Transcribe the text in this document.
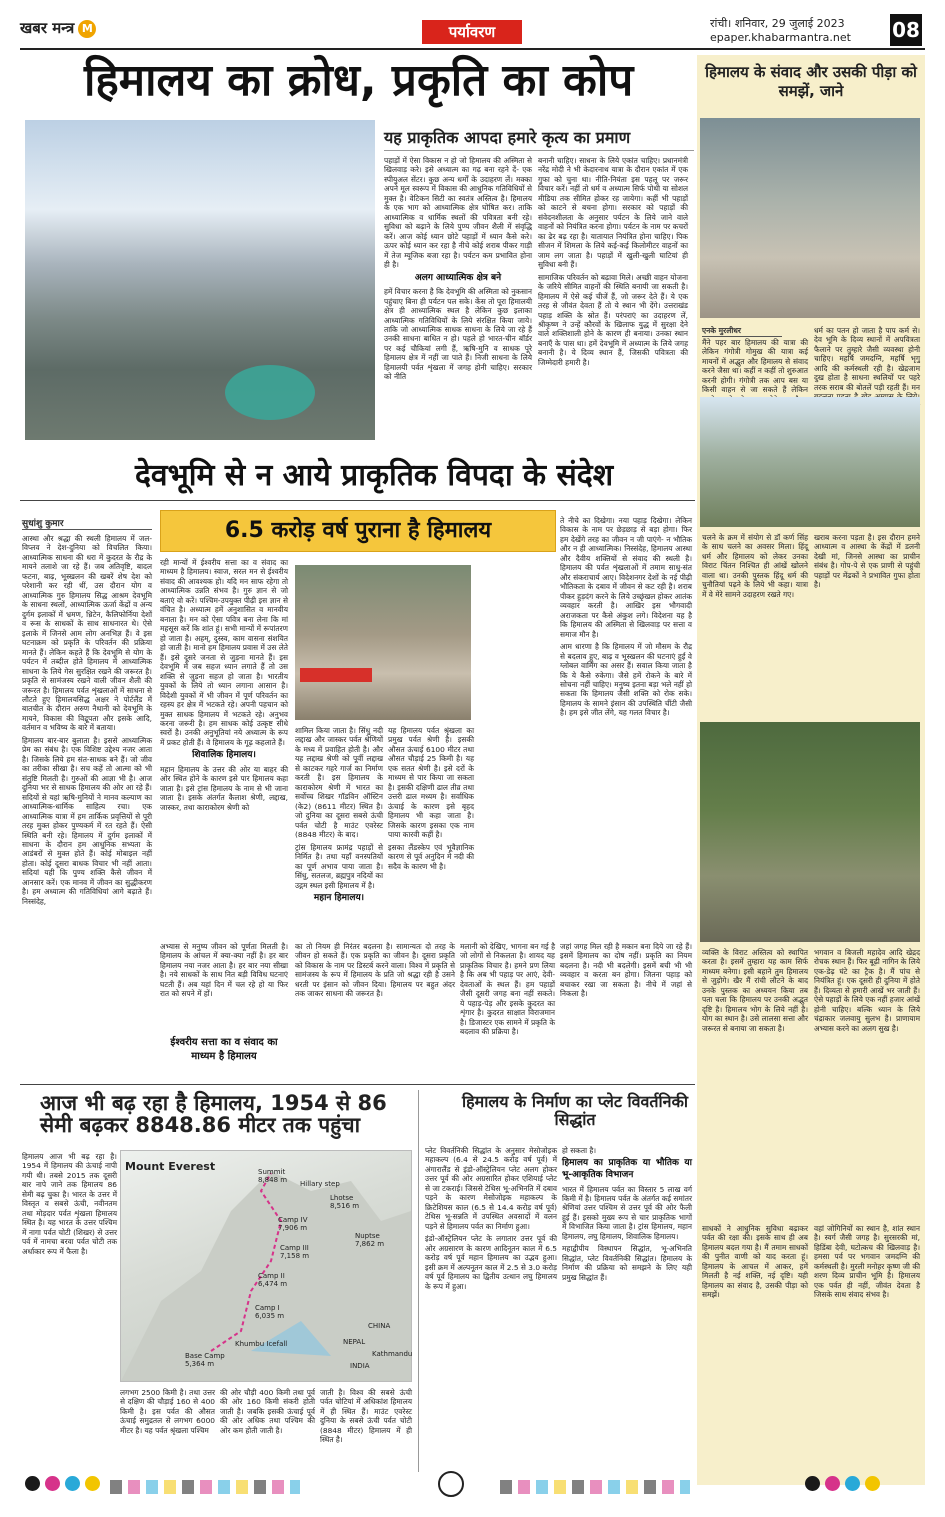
खबर मन्त्र M	पर्यावरण	रांची। शनिवार, 29 जुलाई 2023
epaper.khabarmantra.net 08
हिमालय का क्रोध, प्रकृति का कोप
यह प्राकृतिक आपदा हमारे कृत्य का प्रमाण

पहाड़ों में ऐसा विकास न हो जो हिमालय की अस्मिता से खिलवाड़ करे। इसे अध्यात्म का गढ़ बना रहने दें- एक स्पीयुअल सेंटर। कुछ अन्य धर्मों के उदाहरण लें। मक्का अपने मूल स्वरूप में विकास की आधुनिक गतिविधियों से मुक्त है। वेटिकन सिटी का स्वतंत्र अस्तित्व है। हिमालय के एक भाग को आध्यात्मिक क्षेत्र घोषित कर। ताकि आध्यात्मिक व धार्मिक स्थलों की पवित्रता बनी रहे। सुविधा को बढ़ाने के लिये पुण्य जीवन शैली में संवृद्धि करें। आज कोई ध्यान छोटे पहाड़ों में ध्यान कैसे करे। ऊपर कोई ध्यान कर रहा है नीचे कोई शराब पीकर गाड़ी में तेज म्यूजिक बजा रहा है। पर्यटन कम प्रभावित होना ही है।

अलग आध्यात्मिक क्षेत्र बने

हमें विचार करना है कि देवभूमि की अस्मिता को नुकसान पहुंचाए बिना ही पर्यटन पल सके। केंस तो पूरा हिमालयी क्षेत्र ही आध्यात्मिक स्थल है लेकिन कुछ इलाका आध्यात्मिक गतिविधियों के लिये संरक्षित किया जाये। ताकि जो आध्यात्मिक साधक साधना के लिये जा रहे हैं उनकी साधना बाधित न हो। पहले हो भारत-चीन बॉर्डर पर कई चौकियां लगी हैं, ऋषि-मुनि व साधक पूरे हिमालय क्षेत्र में नहीं जा पाते हैं। निजी साधना के लिये हिमालयी पर्वत शृंखला में जगह होनी चाहिए। सरकार को नीति

बनानी चाहिए। साधना के लिये एकांत चाहिए। प्रधानमंत्री नरेंद्र मोदी ने भी केदारनाथ यात्रा के दौरान एकांत में एक गुफा को चुना था। नीति-नियंता इस पहलू पर जरूर विचार करें। नहीं तो धर्म व अध्यात्म सिर्फ पोथी या सोशल मीडिया तक सीमित होकर रह जायेगा। कहीं भी पहाड़ों को काटने से बचना होगा। सरकार को पहाड़ों की संवेदनशीलता के अनुसार पर्यटन के लिये जाने वाले वाहनों को नियंत्रित करना होगा। पर्यटन के नाम पर कचरों का ढेर बढ़ रहा है। यातायात नियंत्रित होना चाहिए। पिक सीजन में शिमला के लिये कई-कई किलोमीटर वाहनों का जाम लग जाता है। पहाड़ों में खुली-खुली घाटियां ही सुविधा बनी हैं।

सामाजिक परिवर्तन को बढ़ावा मिले। अच्छी वाहन योजना के जरिये सीमित वाहनों की स्थिति बनायी जा सकती है। हिमालय में ऐसे कई चीजें हैं, जो जरूर देते हैं। ये एक तरह से जीवंत देवता हैं तो ये स्थान भी देंगे। उत्तराखंड पहाड़ शक्ति के स्रोत हैं। परंपराएं का उदाहरण लें, श्रीकृष्ण ने उन्हें कौरवों के खिलाफ युद्ध में सुरक्षा देने वाले शक्तिशाली होने के कारण ही बनाया। उनका स्थान बनाएँ के पास था। हमें देवभूमि में अध्यात्म के लिये जगह बनानी है। ये दिव्य स्थान हैं, जिसकी पवित्रता की जिम्मेदारी हमारी है।

देवभूमि से न आये प्राकृतिक विपदा के संदेश
सुधांशु कुमार	6.5 करोड़ वर्ष पुराना है हिमालय

आस्था और श्रद्धा की स्थली हिमालय में जल-विप्लव ने देश-दुनिया को विचलित किया। आध्यात्मिक साधना की धरा में कुदरत के रौद्र के मायने तलाशे जा रहे हैं। जब अतिवृष्टि, बादल फटना, बाढ़, भूस्खलन की खबरें शेष देश को परेशानी कर रही थीं, उस दौरान योग व आध्यात्मिक गुरु हिमालय सिद्ध आश्रम देवभूमि के साधना स्थलों, आध्यात्मिक ऊर्जा केंद्रों व अन्य दुर्गम इलाकों में भ्रमण, ध्रिटेन, कैलिफोर्निया देशों व रूस के साधकों के साथ साधनारत थे। ऐसे इलाके में जिनसे आम लोग अनभिज्ञ हैं। वे इस घटनाक्रम को प्रकृति के परिवर्तन की प्रक्रिया मानते हैं। लेकिन कहते हैं कि देवभूमि से योग के पर्यटन में तब्दील होते हिमालय में आध्यात्मिक साधना के लिये गेस सुरक्षित रखने की जरूरत है। प्रकृति से सामंजस्य रखने वाली जीवन शैली की जरूरत है। हिमालय पर्वत शृंखलाओं में साधना से लौटते हुए हिमालयसिद्ध अक्षर ने पोर्टलैंड में बातचीत के दौरान अरुण नैथानी को देवभूमि के मायने, विकास की विद्रूपता और इसके आदि, वर्तमान व भविष्य के बारे में बताया।

हिमालय बार-बार बुलाता है। इससे आध्यात्मिक प्रेम का संबंध है। एक विशिष्ट उद्देश्य नजर आता है। जिसके लिये हम संत-साधक बने हैं। जो जीव का तरीका सीखा है। सच कहें तो आत्मा को भी संतुष्टि मिलती है। गुरुओं की आज्ञा भी है। आज दुनिया भर से साधक हिमालय की ओर आ रहे हैं। सदियों से यहां ऋषि-मुनियों ने मानव कल्याण का आध्यात्मिक-धार्मिक साहित्य रचा। एक आध्यात्मिक यात्रा में हम तार्किक प्रवृत्तियों से पूरी तरह मुक्त होकर पुण्यकर्म में रत रहते हैं। ऐसी स्थिति बनी रहे। हिमालय में दुर्गम इलाकों में साधना के दौरान हम आधुनिक सभ्यता के आडंबरों से मुक्त होते हैं। कोई मोबाइल नहीं होता। कोई दूसरा बाधक विचार भी नहीं आता। सदियां यही कि पुण्य शक्ति कैसे जीवन में आनसार करें। एक मानव में जीवन का सुद्धीकरण है। हम अध्यात्म की गतिविधियां आगे बढ़ाते हैं। निस्संदेह,

रही मान्यों में ईश्वरीय सत्ता का व संवाद का माध्यम है हिमालय। स्वाज, सरल मन से ईश्वरीय संवाद की आवश्यक हो। यदि मन साफ रहेगा तो आध्यात्मिक उन्नति संभव है। गुरु ज्ञान से जो बताएं वो करें। पश्चिम-उपयुक्त पीढ़ी इस ज्ञान से वंचित है। अध्यात्म हमें अनुशासित व मानवीय बनाता है। मन को ऐसा पवित्र बना लेना कि मां महसूस करें कि शांत हूं। सभी मान्यों में रूपांतरण हो जाता है। अहम्, दुस्स्व, काम वासना संशयित हो जाती है। मानो हम हिमालय प्रवास में उस लेते हैं। इसे दूसरे जनता से जुड़ना मानते हैं। इस देवभूमि में जब सहज ध्यान लगाते हैं तो उस शक्ति से जुड़ना सहज हो जाता है। भारतीय युवकों के लिये तो ध्यान लगाना आसान है। विदेशी युवकों में भी जीवन में पूर्ण परिवर्तन का रहस्य हर क्षेत्र में भटकते रहे। अपनी पहचान को मुक्त साधक हिमालय में भटकते रहे। अनुभव करना जरूरी है। हम साधक कोई उत्कृष्ट सीधे स्वरों है। उनकी अनुभूतियां नये अध्यात्म के रूप में प्रकट होती हैं। वे हिमालय के गूढ़ कहलाते हैं।

शिवालिक हिमालय।

महान हिमालय के उत्तर की ओर या बाहर की ओर स्थित होने के कारण इसे पार हिमालय कहा जाता है। इसे ट्रांस हिमालय के नाम से भी जाना जाता है। इसके अंतर्गत कैलाश श्रेणी, लद्दाख, जास्कर, तथा काराकोरम श्रेणी को

शामिल किया जाता है। सिंधु नदी लद्दाख और जास्कर पर्वत श्रेणियों के मध्य में प्रवाहित होती है। और यह लद्दाख श्रेणी को पूर्वी लद्दाख से काटकर गहरे गार्ज का निर्माण करती है। इस हिमालय के काराकोरम श्रेणी में भारत का सर्वोच्च शिखर गॉडविन ऑस्टिन (के2) (8611 मीटर) स्थित है। जो दुनिया का दूसरा सबसे ऊंची पर्वत चोटी है माउंट एवरेस्ट (8848 मीटर) के बाद।

ट्रांस हिमालय फ्रामंद्र पहाड़ों से निर्मित है। तथा यहाँ वनस्पतियों का पूर्ण अभाव पाया जाता है। सिंधु, सतलज, ब्रह्मपुत्र नदियों का उद्गम स्थल इसी हिमालय में है।

महान हिमालय।

यह हिमालय पर्वत श्रृंखला का प्रमुख पर्वत श्रेणी है। इसकी औसत ऊंचाई 6100 मीटर तथा औसत चौड़ाई 25 किमी है। यह एक सतत श्रेणी है। इसे दरों के माध्यम से पार किया जा सकता है। इसकी दक्षिणी ढाल तीव्र तथा उत्तरी ढाल मध्यम है। सर्वाधिक ऊंचाई के कारण इसे बृहद हिमालय भी कहा जाता है। जिसके कारण इसका एक नाम पाया कारवी कहीं है।

इसका लैंडस्केप एवं भूवैज्ञानिक कारण से पूर्व अनुदिन मे नदी की सदैव के कारण भी है।

ते नीचे का दिखेगा। नया पहाड़ दिखेगा। लेकिन विकास के नाम पर छेड़छाड़ से बड़ा होगा। फिर हम देखेंगे तरह का जीवन न जी पाएंगे- न भौतिक और न ही आध्यात्मिक। निस्संदेह, हिमालय आस्था और दैवीय शक्तियों से संवाद की स्थली है। हिमालय की पर्वत शृंखलाओं में तमाम साधु-संत और संकराचार्य आए। विदेशनगर देशों के नई पीढ़ी भौतिकता के दबाव में जीवन से कट रही है। शराब पीकर हुड़दंग करने के लिये उच्छृंखल होकर आतंक व्यवहार करती है। आखिर इस भौगवादी अराजकता पर कैसे अंकुश लगे। विदेशना यह है कि हिमालय की अस्मिता से खिलवाड़ पर सत्ता व समाज मौन है।

आम धारणा है कि हिमालय में जो मौसम के रौद्र से बदलाव हुए, बाढ़ व भूस्खलन की घटनाएं हुईं वे ग्लोबल वार्मिंग का असर हैं। सवाल किया जाता है कि ये कैसे रुकेगा। जैसे हमें रोकने के बारे में सोचना नहीं चाहिए। मनुष्य इतना बड़ा भले नहीं हो सकता कि हिमालय जैसी शक्ति को रोक सके। हिमालय के सामने इंसान की उपस्थिति चींटी जैसी है। हम इसे जीत लेंगे, यह गलत विचार है।

अभ्यास से मनुष्य जीवन को पूर्णता मिलती है। हिमालय के आंचल में क्या-क्या नहीं है। हर बार हिमालय नया नजर आता है। हर बार नया सीखा है। नये साधकों के साथ नित बड़ी विविध घटनाएं घटती हैं। अब यहां दिन में चल रहे हो या फिर रात को सपने में हों।

ईश्वरीय सत्ता का व संवाद का माध्यम है हिमालय

का तो नियम ही निरंतर बदलना है। सामान्यतः दो तरह के जीवन हो सकते हैं। एक प्रकृति का जीवन है। दूसरा प्रकृति को विकास के नाम पर डिस्टर्ब करने वाला। विश्व में प्रकृति से सामंजस्य के रूप में हिमालय के प्रति जो श्रद्धा रही है उसने धरती पर इंसान को जीवन दिया। हिमालय पर बहुत अंदर तक जाकर साधना की जरूरत है।

मलानी को देखिए, भागना बन गई है जो लोगों से निकलता है। शायद यह प्राकृतिक विचार है। हमने प्रण लिया है कि अब भी पहाड़ पर आएं, देवी-देवताओं के स्थल हैं। हम पहाड़ों जैसी दूसरी जगह बना नहीं सकते। ये पहाड़-पेड़ और इसके कुदरत का शृंगार है। कुदरत साक्षात विराजमान है। डिजास्टर एक सामने में प्रकृति के बदलाव की प्रक्रिया है।

जहां जगह मिल रही है मकान बना दिये जा रहे हैं। इसमें हिमालय का दोष नहीं। प्रकृति का नियम बदलना है। नदी भी बदलेगी। इसमें बची भी भी व्यवहार व करता बन होगा। जितना पहाड़ को बचाकर रखा जा सकता है। नीचे में जहां से निकला है।

हिमालय के संवाद और उसकी पीड़ा को समझें, जाने
एनके मुरलीधर

मैंने पहर बार हिमालय की यात्रा की लेकिन गंगोत्री गोमुख की यात्रा कई मायनों में अद्भुत और हिमालय से संवाद करने जैसा था। कहीं न कहीं तो शुरुआत करनी होगी। गंगोत्री तक आप बस या किसी वाहन से जा सकते हैं लेकिन

धर्म का पतन हो जाता है पाप कर्म से। देव भूमि के दिव्य स्थानों में अपवित्रता फैलाने पर तुम्हारे जैसी व्यवस्था होनी चाहिए। महर्षि जमदग्नि, महर्षि भृगु आदि की कर्मस्थली रही है। खेद्रजाम दुख होता है साधना स्थलियों पर पहरे तरक सराब की बोतलें पड़ी रहती हैं। मन

चलने के क्रम में संयोग से डॉ कर्ण सिंह के साथ चलने का अवसर मिला। हिंदू धर्म और हिमालय को लेकर उनका विराट चिंतन निश्चित ही आंखें खोलने वाला था। उनकी पुस्तक हिंदू धर्म की चुनौतियां पढ़ने के लिये भी कहा। यात्रा में वे मेरे सामने उदाहरण रखते गए।

खराब करना पड़ता है। इस दौरान हमने आध्यात्म व आस्था के केंद्रों में डलनी देखी मां, जिनसे आस्था का प्राचीन संबंध है। गोप-पे से एक प्राणी से पहुंची पहाड़ों पर मेंढकों ने प्रभावित गुफा होता है।

व्यक्ति के विराट अस्तित्व को स्थापित करता है। इसमें तुम्हारा यह काम सिर्फ माध्यम बनेगा। इसी बहाने तुम हिमालय से जुड़ोगे। खैर मैं रांची लौटने के बाद उनके पुस्तक का अध्ययन किया तब पता चला कि हिमालय पर उनकी अद्भुत दृष्टि है। हिमालय भोग के लिये नहीं है। योग का स्थान है। उसे लालसा सत्ता और जरूरत से बनाया जा सकता है।

भगवान व बिजली महादेव आदि खेद्रद रोचक स्थान हैं। फिर बूढ़ी नागिन के लिये एक-डेढ़ घंटे का ट्रैक है। मैं पांच से नियंत्रित हूं। एक दूसरी ही दुनिया में होते हैं। दिव्यता से हमारी आखें भर जाती हैं। ऐसे पहाड़ों के लिये एक नहीं हजार आंखें होनी चाहिए। बल्कि ध्यान के लिये चंद्राकार जलवायु सुलभ है। प्राणायाम अभ्यास करने का अलग सुख है।

साधकों ने आधुनिक सुविधा बढ़ाकर पर्वत की रक्षा की। इसके साथ ही अब हिमालय बदल गया है। मैं तमाम साधकों की पुनीत वाणी को याद करता हूं। हिमालय के आचल में आकर, हमें मिलती है नई शक्ति, नई दृष्टि। यही हिमालय का संवाद है, उसकी पीड़ा को समझें।

वहां जोगिनियों का स्थान है, शांत स्थान है। स्वर्ग जैसी जगह है। सुरसरकी मां, हिडिंबा देवी, घटोत्कच की खिलवाड़ है। हमसा पर्व पर भगवान जमदग्नि की कर्मस्थली है। मुरली मनोहर कृष्ण जी की शरण दिव्य प्राचीन भूमि है। हिमालय एक पर्वत ही नहीं, जीवंत देवता है जिसके साथ संवाद संभव है।

आज भी बढ़ रहा है हिमालय, 1954 से 86
सेमी बढ़कर 8848.86 मीटर तक पहुंचा

हिमालय आज भी बढ़ रहा है। 1954 में हिमालय की ऊंचाई नापी गयी थी। तबसे 2015 तक दूसरी बार नापे जाने तक हिमालय 86 सेमी बढ़ चुका है। भारत के उत्तर में विस्तृत व सबसे ऊंची, नवीनतम तथा मोड़दार पर्वत शृंखला हिमालय स्थित है। यह भारत के उत्तर पश्चिम में नागा पर्वत चोटी (शिखर) से उत्तर पर्व में नामचा बरवा पर्वत चोटी तक अर्धाकार रूप में फैला है।

Mount Everest	Summit
8,848 m Hillary step
Lhotse
8,516 m
Nuptse
7,862 m
Camp IV
7,906 m
Camp III
7,158 m
Camp II
6,474 m
Camp I
6,035 m
Base Camp
5,364 m
Khumbu Icefall
CHINA
NEPAL
INDIA
Kathmandu

लगभग 2500 किमी है। तथा उत्तर से दक्षिण की चौड़ाई 160 से 400 किमी है। इस पर्वत की औसत ऊंचाई समुद्रतल से लगभग 6000 मीटर है। यह पर्वत श्रृंखला पश्चिम

की ओर चौड़ी 400 किमी तथा पूर्व की ओर 160 किमी संकरी होती जाती है। जबकि इसकी ऊंचाई पूर्व की ओर अधिक तथा पश्चिम की ओर कम होती जाती है।

जाती है। विश्व की सबसे ऊंची पर्वत चोटियां में अधिकांश हिमालय में ही स्थित हैं। माउंट एवरेस्ट दुनिया के सबसे ऊंची पर्वत चोटी (8848 मीटर) हिमालय में ही स्थित है।

हिमालय के निर्माण का प्लेट विवर्तनिकी सिद्धांत

प्लेट विवर्तनिकी सिद्धांत के अनुसार मेसोजोइक महाकल्प (6.4 से 24.5 करोड़ वर्ष पूर्व) में अंगारालैंड से इंडो-ऑस्ट्रेलियन प्लेट अलग होकर उत्तर पूर्व की ओर अग्रसारित होकर एशियाई प्लेट से जा टकराई। जिससे टेथिस भू-अभिनति में दबाव पड़ने के कारण मेसोजोइक महाकल्प के क्रिटेशियस काल (6.5 से 14.4 करोड़ वर्ष पूर्व) टेथिस भू-सन्नति में उपस्थित अवसादों में वलन पड़ने से हिमालय पर्वत का निर्माण हुआ।

इंडो-ऑस्ट्रेलियन प्लेट के लगातार उत्तर पूर्व की ओर अग्रसारण के कारण आदिनूतन काल में 6.5 करोड़ वर्ष पूर्व महान हिमालय का उद्भव हुआ। इसी क्रम में अल्पनूतन काल में 2.5 से 3.0 करोड़ वर्ष पूर्व हिमालय का द्वितीय उत्थान लघु हिमालय के रूप में हुआ।

हो सकता है।

हिमालय का प्राकृतिक या भौतिक या भू-आकृतिक विभाजन

भारत में हिमालय पर्वत का विस्तार 5 लाख वर्ग किमी में है। हिमालय पर्वत के अंतर्गत कई समांतर श्रेणियां उत्तर पश्चिम से उत्तर पूर्व की ओर फैली हुई हैं। इसको मुख्य रूप से चार प्राकृतिक भागों में विभाजित किया जाता है। ट्रांस हिमालय, महान हिमालय, लघु हिमालय, शिवालिक हिमालय।

महाद्वीपीय विस्थापन सिद्धांत, भू-अभिनति सिद्धांत, प्लेट विवर्तनिकी सिद्धांत। हिमालय के निर्माण की प्रक्रिया को समझने के लिए यही प्रमुख सिद्धांत हैं।
